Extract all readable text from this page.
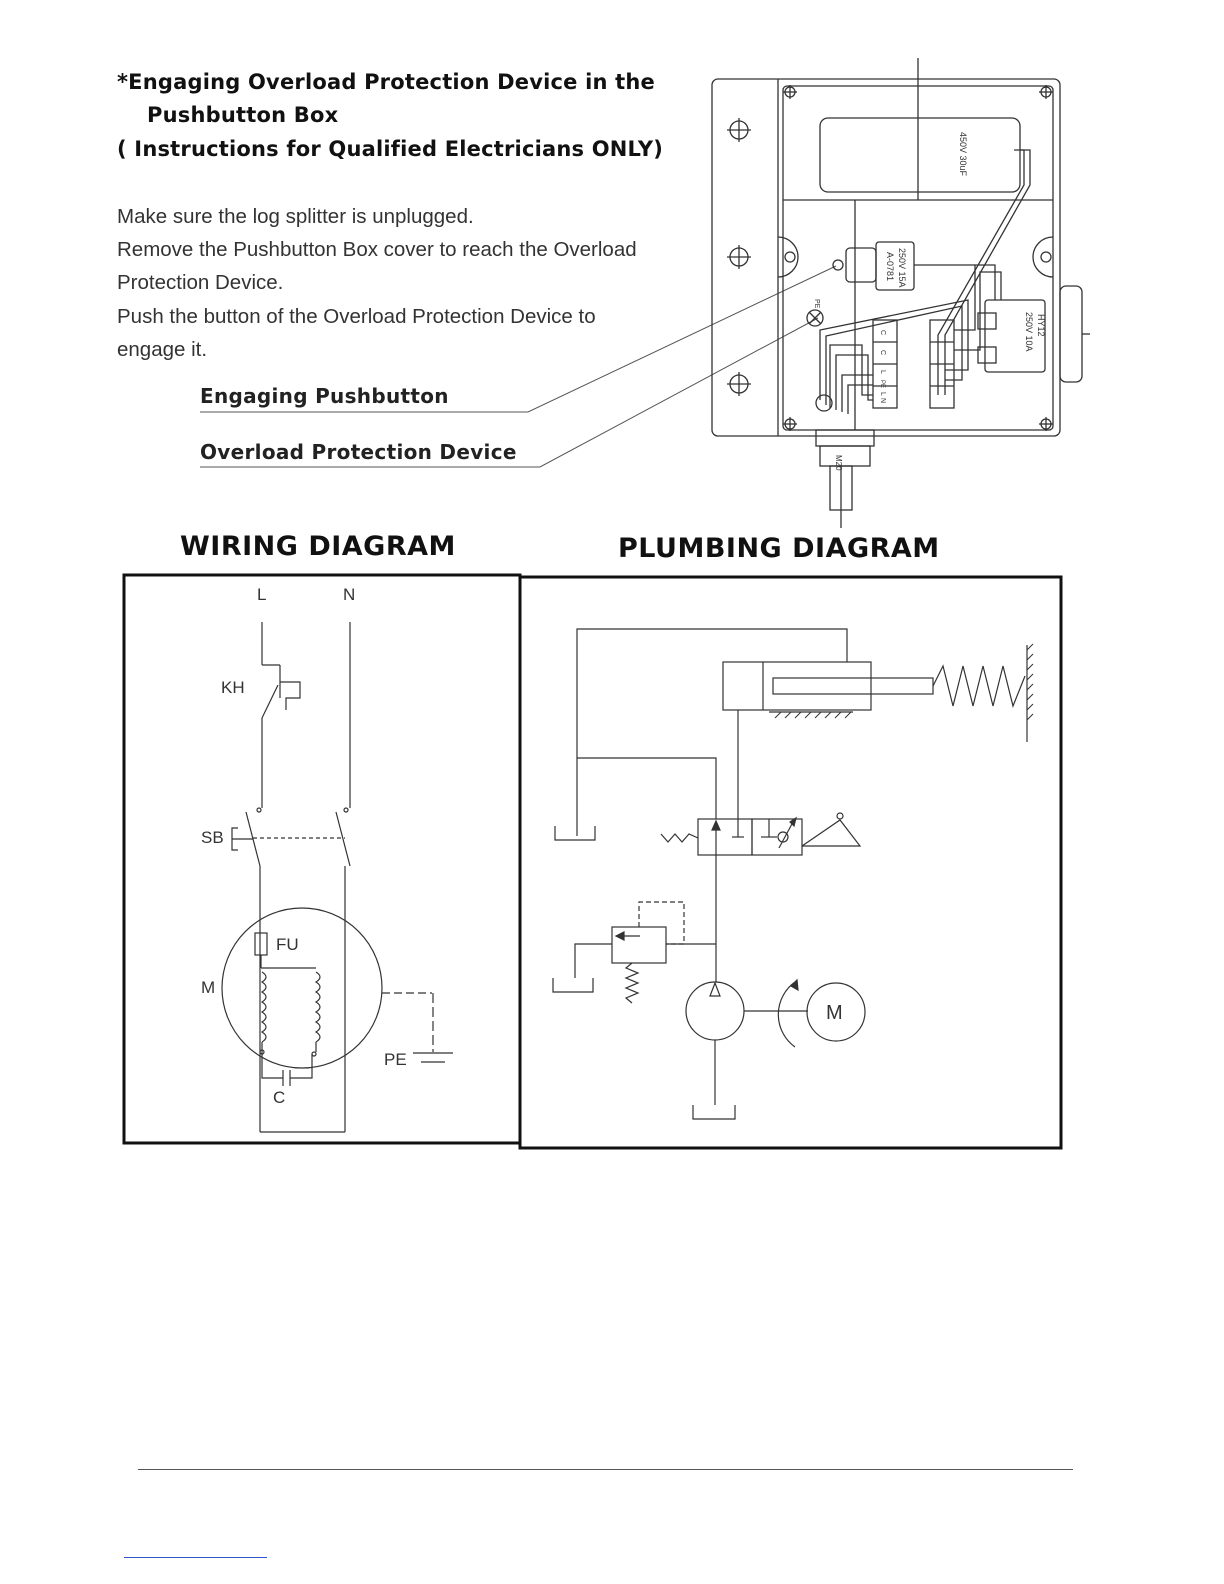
*Engaging Overload Protection Device in the
Pushbutton Box
( Instructions for Qualified Electricians ONLY)
Make sure the log splitter is unplugged.
Remove the Pushbutton Box cover to reach the Overload
Protection Device.
Push the button of the Overload Protection Device to
engage it.
Engaging Pushbutton
Overload Protection Device
WIRING DIAGRAM	PLUMBING DIAGRAM
450V 30uF
250V 15A
A-0781
HY12
250V 10A
PE
M20
C
C
L
L
PE
N
L	N
KH
SB
FU
M
PE
C
M
